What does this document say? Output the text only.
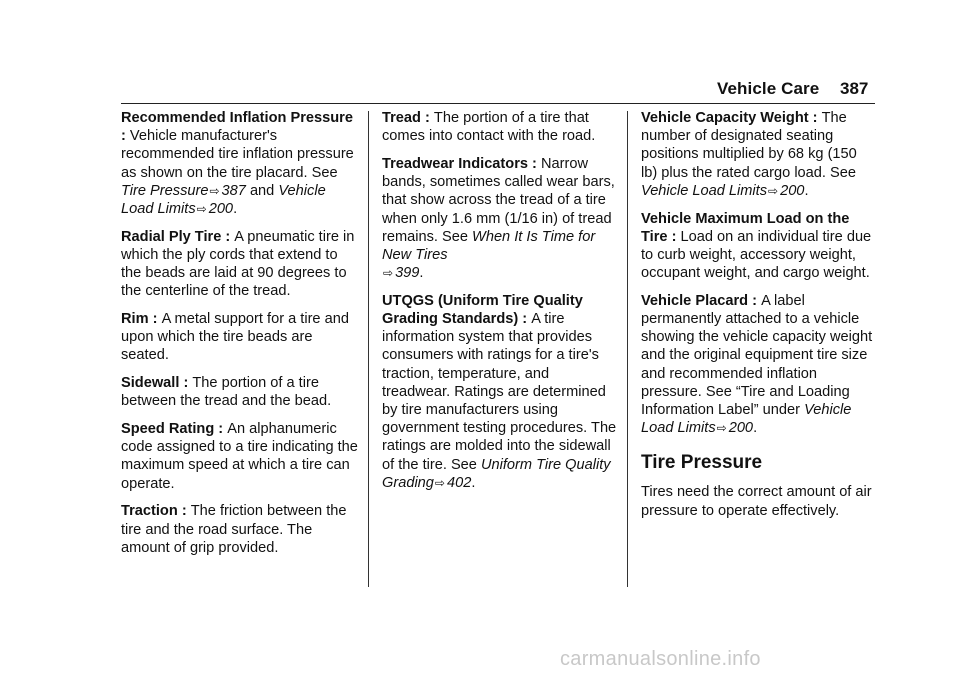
Vehicle Care 387

Recommended Inflation Pressure : Vehicle manufacturer's recommended tire inflation pressure as shown on the tire placard. See Tire Pressure⇨ 387 and Vehicle Load Limits⇨ 200.

Radial Ply Tire : A pneumatic tire in which the ply cords that extend to the beads are laid at 90 degrees to the centerline of the tread.

Rim : A metal support for a tire and upon which the tire beads are seated.

Sidewall : The portion of a tire between the tread and the bead.

Speed Rating : An alphanumeric code assigned to a tire indicating the maximum speed at which a tire can operate.

Traction : The friction between the tire and the road surface. The amount of grip provided.

Tread : The portion of a tire that comes into contact with the road.

Treadwear Indicators : Narrow bands, sometimes called wear bars, that show across the tread of a tire when only 1.6 mm (1/16 in) of tread remains. See When It Is Time for New Tires
⇨ 399.

UTQGS (Uniform Tire Quality Grading Standards) : A tire information system that provides consumers with ratings for a tire's traction, temperature, and treadwear. Ratings are determined by tire manufacturers using government testing procedures. The ratings are molded into the sidewall of the tire. See Uniform Tire Quality Grading⇨ 402.

Vehicle Capacity Weight : The number of designated seating positions multiplied by 68 kg (150 lb) plus the rated cargo load. See Vehicle Load Limits⇨ 200.

Vehicle Maximum Load on the Tire : Load on an individual tire due to curb weight, accessory weight, occupant weight, and cargo weight.

Vehicle Placard : A label permanently attached to a vehicle showing the vehicle capacity weight and the original equipment tire size and recommended inflation pressure. See “Tire and Loading Information Label” under Vehicle Load Limits⇨ 200.

Tire Pressure

Tires need the correct amount of air pressure to operate effectively.

carmanualsonline.info
